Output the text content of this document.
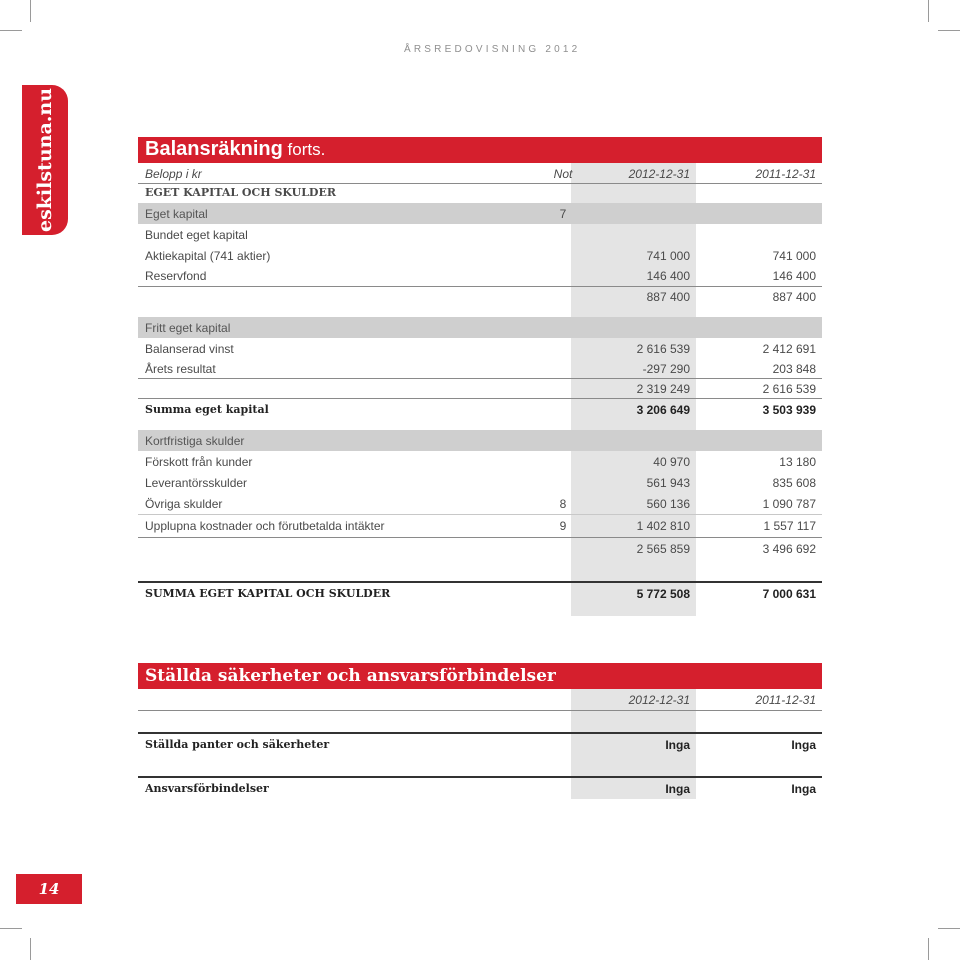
ÅRSREDOVISNING 2012
eskilstuna.nu	Balansräkning forts.
Belopp i kr	Not	2012-12-31	2011-12-31
EGET KAPITAL OCH SKULDER
Eget kapital	7
Bundet eget kapital
Aktiekapital (741 aktier)	741 000	741 000
Reservfond	146 400	146 400
887 400	887 400
Fritt eget kapital
Balanserad vinst	2 616 539	2 412 691
Årets resultat	-297 290	203 848
2 319 249	2 616 539
Summa eget kapital	3 206 649	3 503 939
Kortfristiga skulder
Förskott från kunder	40 970	13 180
Leverantörsskulder	561 943	835 608
Övriga skulder	8	560 136	1 090 787
Upplupna kostnader och förutbetalda intäkter	9	1 402 810	1 557 117
2 565 859	3 496 692
SUMMA EGET KAPITAL OCH SKULDER	5 772 508	7 000 631
Ställda säkerheter och ansvarsförbindelser
2012-12-31	2011-12-31
Ställda panter och säkerheter	Inga	Inga
Ansvarsförbindelser	Inga	Inga
14
